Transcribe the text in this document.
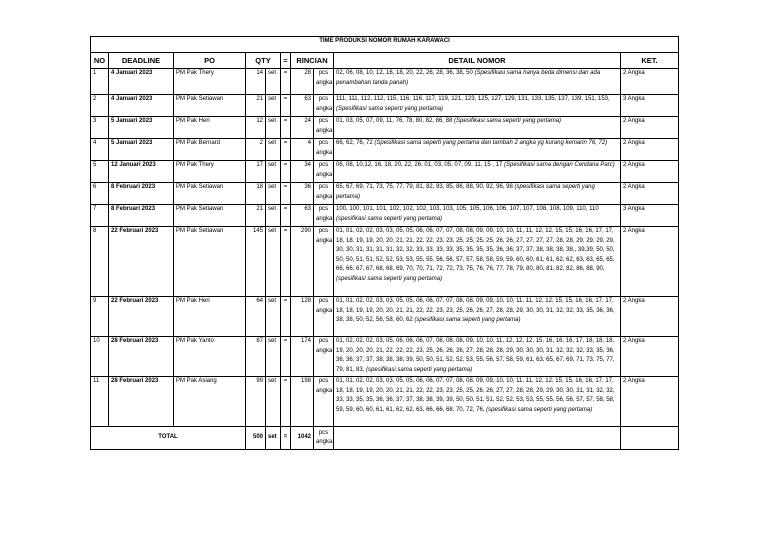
TIME PRODUKSI NOMOR RUMAH KARAWACI									
NO	DEADLINE	PO	QTY		=	RINCIAN		DETAIL NOMOR	KET.
1	4 Januari 2023	PM Pak Thery	14	set	=	28	pcs angka	02, 06, 08, 10, 12, 16, 18, 20, 22, 26, 28, 36, 38, 50 (Spesifikasi sama hanya beda dimensi dan ada penambahan tanda panah)	2 Angka
2	4 Januari 2023	PM Pak Setiawan	21	set	=	63	pcs angka	111, 111, 112, 112, 115, 116, 116, 117, 119, 121, 123, 125, 127, 129, 131, 133, 135, 137, 139, 151, 153, (Spesifikasi sama seperti yang pertama)	3 Angka
3	5 Januari 2023	PM Pak Heri	12	set	=	24	pcs angka	01, 03, 05, 07, 09, 11, 76, 78, 80, 82, 86, 88 (Spesifikasi sama seperti yang pertama)	2 Angka
4	5 Januari 2023	PM Pak Bernard	2	set	=	4	pcs angka	66, 62, 76, 72 (Spesifikasi sama seperti yang pertama dan tambah 2 angka yg kurang kemarin 76, 72)	2 Angka
5	12 Januari 2023	PM Pak Thery	17	set	=	34	pcs angka	06, 08, 10,12, 16, 18, 20, 22, 26, 01, 03, 05, 07, 09, 11, 15 , 17 (Spesifikasi sama dengan Cendana Parc)	2 Angka
6	8 Februari 2023	PM Pak Setiawan	18	set	=	36	pcs angka	65, 67, 69, 71, 73, 75, 77, 79, 81, 82, 83, 85, 86, 88, 90, 92, 96, 98 (spesifikasi sama seperti yang pertama)	2 Angka
7	8 Februari 2023	PM Pak Setiawan	21	set	=	63	pcs angka	100, 100, 101, 101, 102, 102, 102, 103, 103, 105, 105, 106, 106, 107, 107, 108, 108, 109, 110, 110 (spesifikasi sama seperti yang pertama)	3 Angka
8	22 Februari 2023	PM Pak Setiawan	145	set	=	290	pcs angka	01, 01, 02, 02, 03, 03, 05, 05, 06, 06, 07, 07, 08, 08, 09, 09, 10, 10, 11, 11, 12, 12, 15, 15, 16, 16, 17, 17, 18, 18, 19, 19, 20, 20, 21, 21, 22, 22, 23, 23, 25, 25, 25, 25, 26, 26, 27, 27, 27, 27, 28, 28, 29, 29, 29, 29, 30, 30, 31, 31, 31, 31, 32, 32, 33, 33, 33, 33, 35, 35, 35, 35, 36, 36, 37, 37, 38, 38, 38, 38,, 39,39, 50, 50, 50, 50, 51, 51, 52, 52, 53, 53, 55, 55, 56, 56, 57, 57, 58, 58, 59, 59, 60, 60, 61, 61, 62, 62, 63, 63, 65, 65, 66, 66, 67, 67, 68, 68, 69, 70, 70, 71, 72, 72, 73, 75, 76, 76, 77, 78, 79, 80, 80, 81, 82, 82, 86, 88, 90, (spesifikasi sama seperti yang pertama)	2 Angka
9	22 Februari 2023	PM Pak Heri	64	set	=	128	pcs angka	01, 01, 02, 02, 03, 03, 05, 05, 06, 06, 07, 07, 08, 08, 09, 09, 10, 10, 11, 11, 12, 12, 15, 15, 16, 16, 17, 17, 18, 18, 19, 19, 20, 20, 21, 21, 22, 22, 23, 23, 25, 26, 26, 27, 28, 28, 29, 30, 30, 31, 32, 32, 33, 35, 36, 36, 38, 38, 50, 52, 56, 58, 60, 62 (spesifikasi sama seperti yang pertama)	2 Angka
10	28 Februari 2023	PM Pak Yanto	87	set	=	174	pcs angka	01, 02, 02, 02, 03, 05, 06, 06, 06, 07, 08, 08, 08, 09, 10, 10, 11, 12, 12, 12, 15, 16, 16, 16, 17, 18, 18, 18, 19, 20, 20, 20, 21, 22, 22, 22, 23, 25, 26, 26, 26, 27, 28, 28, 28, 29, 30, 30, 30, 31, 32, 32, 32, 33, 35, 36, 36, 36, 37, 37, 38, 38, 38, 39, 50, 50, 51, 52, 52, 53, 55, 56, 57, 58, 59, 61, 63, 65, 67, 69, 71, 73, 75, 77, 79, 81, 83, (spesifikasi sama seperti yang pertama)	2 Angka
11	28 Februari 2023	PM Pak Asiang	99	set	=	198	pcs angka	01, 01, 02, 02, 03, 03, 05, 05, 06, 06, 07, 07, 08, 08, 09, 09, 10, 10, 11, 11, 12, 12, 15, 15, 16, 16, 17, 17, 18, 18, 19, 19, 20, 20, 21, 21, 22, 22, 23, 23, 25, 25, 26, 26, 27, 27, 28, 28, 29, 29, 30, 30, 31, 31, 32, 32, 33, 33, 35, 35, 36, 36, 37, 37, 38, 38, 39, 39, 50, 50, 51, 51, 52, 52, 53, 53, 55, 55, 56, 56, 57, 57, 58, 58, 59, 59, 60, 60, 61, 61, 62, 62, 63, 66, 66, 68, 70, 72, 76, (spesifikasi sama seperti yang pertama)	2 Angka
TOTAL			500	set	=	1042	pcs angka		
